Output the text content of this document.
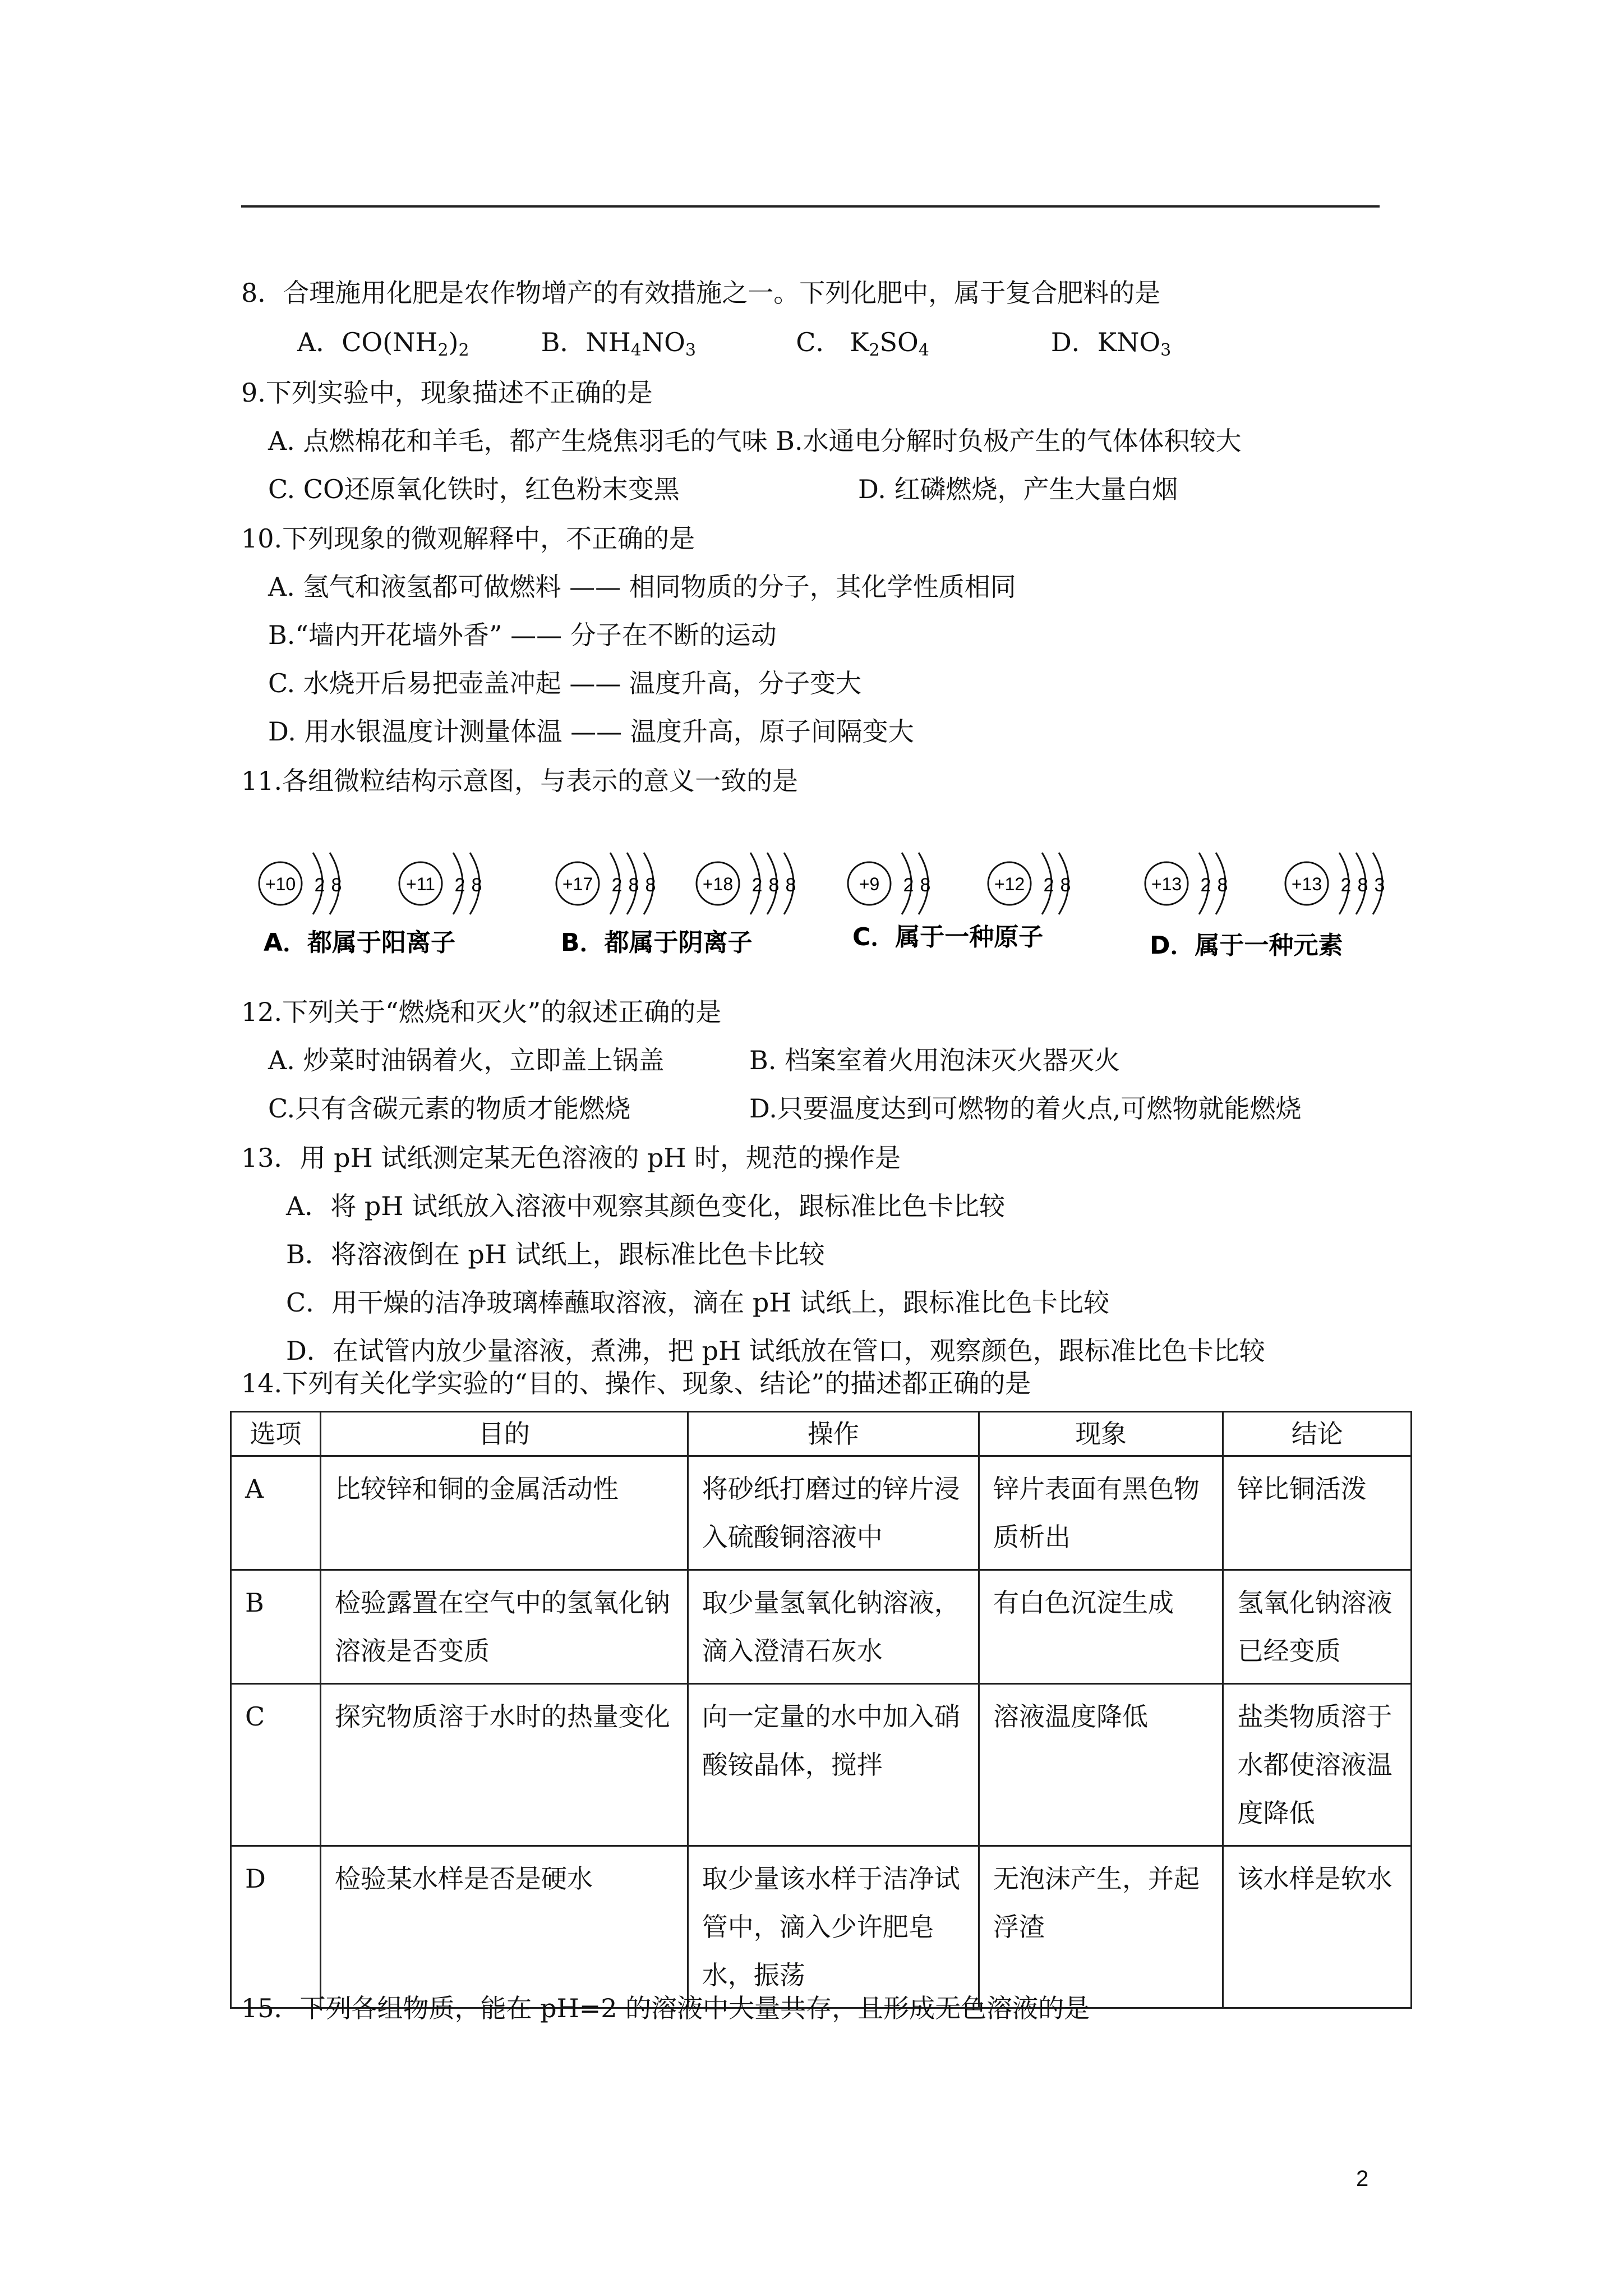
8．合理施用化肥是农作物增产的有效措施之一。下列化肥中，属于复合肥料的是
A．$CO(NH_2)_2$	B．$NH_4NO_3$	C． $K_2SO_4$	D．$KNO_3$
9.下列实验中，现象描述不正确的是
A. 点燃棉花和羊毛，都产生烧焦羽毛的气味 B.水通电分解时负极产生的气体体积较大
C. CO还原氧化铁时，红色粉末变黑	D. 红磷燃烧，产生大量白烟
10.下列现象的微观解释中，不正确的是
A. 氢气和液氢都可做燃料 —— 相同物质的分子，其化学性质相同
B.“墙内开花墙外香” —— 分子在不断的运动
C. 水烧开后易把壶盖冲起 —— 温度升高，分子变大
D. 用水银温度计测量体温 —— 温度升高，原子间隔变大
11.各组微粒结构示意图，与表示的意义一致的是
+10 2 8	+11 2 8
A．都属于阳离子
+17 2 8 8	+18 2 8 8
B．都属于阴离子
+9 2 8	+12 2 8
C．属于一种原子
+13 2 8	+13 2 8 3
D．属于一种元素
12.下列关于“燃烧和灭火”的叙述正确的是
A. 炒菜时油锅着火，立即盖上锅盖	B. 档案室着火用泡沫灭火器灭火
C.只有含碳元素的物质才能燃烧	D.只要温度达到可燃物的着火点,可燃物就能燃烧
13．用 pH 试纸测定某无色溶液的 pH 时，规范的操作是
A．将 pH 试纸放入溶液中观察其颜色变化，跟标准比色卡比较
B．将溶液倒在 pH 试纸上，跟标准比色卡比较
C．用干燥的洁净玻璃棒蘸取溶液，滴在 pH 试纸上，跟标准比色卡比较
D．在试管内放少量溶液，煮沸，把 pH 试纸放在管口，观察颜色，跟标准比色卡比较
14.下列有关化学实验的“目的、操作、现象、结论”的描述都正确的是
选项	目的	操作	现象	结论
A	比较锌和铜的金属活动性	将砂纸打磨过的锌片浸入硫酸铜溶液中	锌片表面有黑色物质析出	锌比铜活泼
B	检验露置在空气中的氢氧化钠溶液是否变质	取少量氢氧化钠溶液，滴入澄清石灰水	有白色沉淀生成	氢氧化钠溶液已经变质
C	探究物质溶于水时的热量变化	向一定量的水中加入硝酸铵晶体，搅拌	溶液温度降低	盐类物质溶于水都使溶液温度降低
D	检验某水样是否是硬水	取少量该水样于洁净试管中，滴入少许肥皂水，振荡	无泡沫产生，并起浮渣	该水样是软水
15．下列各组物质，能在 pH=2 的溶液中大量共存，且形成无色溶液的是
2
